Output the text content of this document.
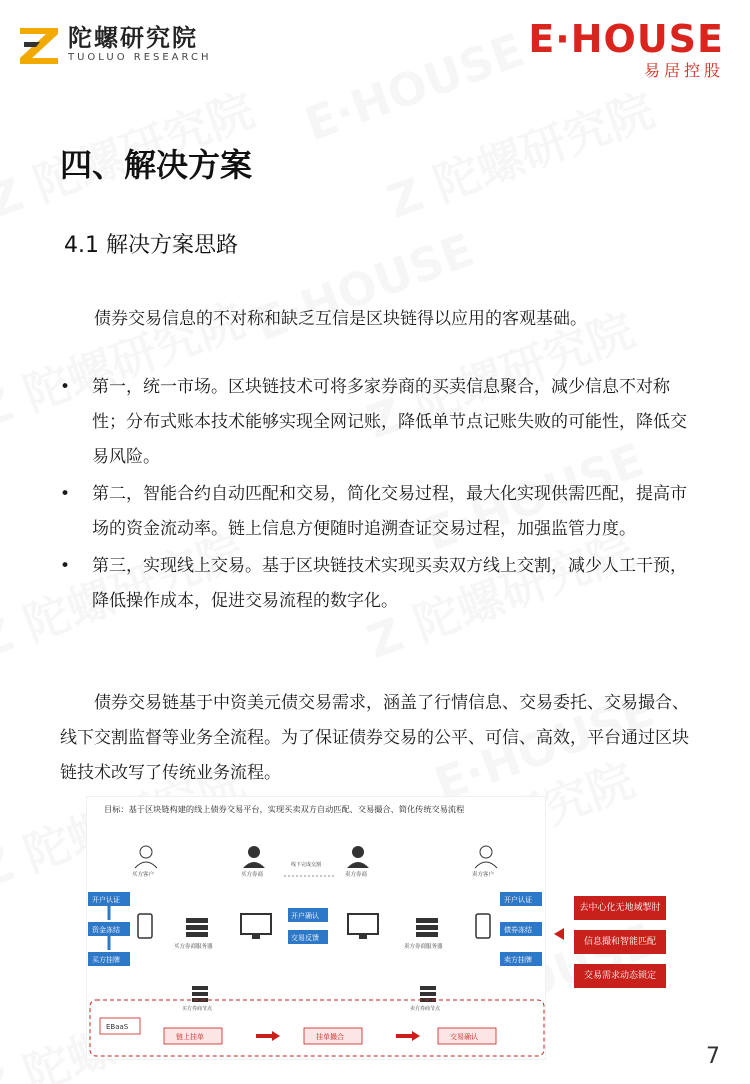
陀螺研究院
TUOLUO RESEARCH	E·HOUSE
易居控股
四、解决方案
4.1 解决方案思路
债券交易信息的不对称和缺乏互信是区块链得以应用的客观基础。
• 第一，统一市场。区块链技术可将多家券商的买卖信息聚合，减少信息不对称性；分布式账本技术能够实现全网记账，降低单节点记账失败的可能性，降低交易风险。
• 第二，智能合约自动匹配和交易，简化交易过程，最大化实现供需匹配，提高市场的资金流动率。链上信息方便随时追溯查证交易过程，加强监管力度。
• 第三，实现线上交易。基于区块链技术实现买卖双方线上交割，减少人工干预，降低操作成本，促进交易流程的数字化。
债券交易链基于中资美元债交易需求，涵盖了行情信息、交易委托、交易撮合、线下交割监督等业务全流程。为了保证债券交易的公平、可信、高效，平台通过区块链技术改写了传统业务流程。
目标：基于区块链构建的线上债券交易平台，实现买卖双方自动匹配、交易撮合、简化传统交易流程
买方客户	买方券商	卖方券商	卖方客户
线下完成交割
开户认证
资金冻结
买方挂牌
买方券商服务器
开户确认
交易反馈
卖方券商服务器
开户认证
债券冻结
卖方挂牌
买方券商节点	卖方券商节点
EBaaS
链上挂单	挂单撮合	交易确认
去中心化无地域掣肘
信息撮和智能匹配
交易需求动态锁定
7
